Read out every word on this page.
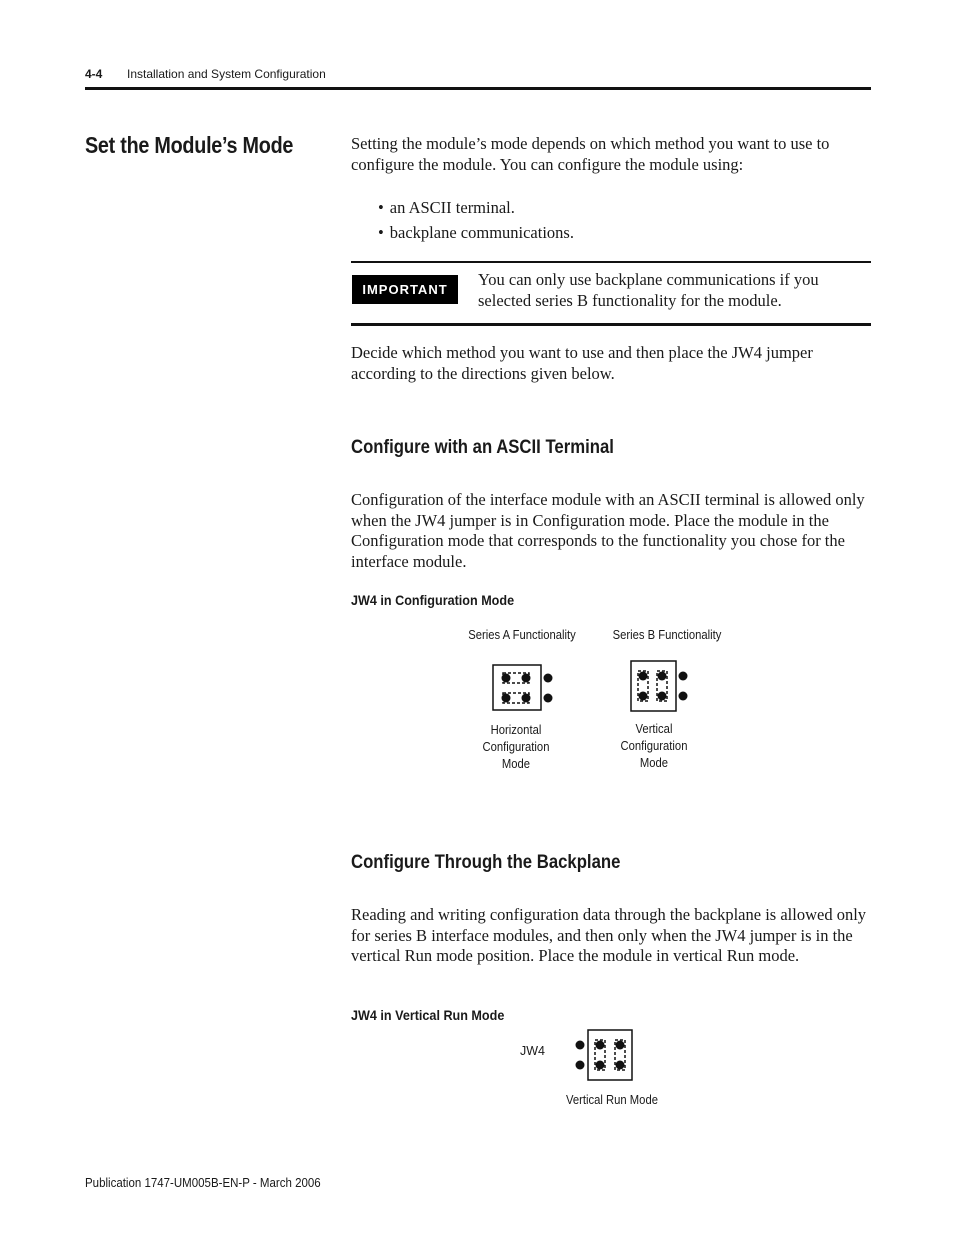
4-4 Installation and System Configuration
Set the Module’s Mode	Setting the module’s mode depends on which method you want to use to configure the module. You can configure the module using:
• an ASCII terminal.
• backplane communications.
IMPORTANT
You can only use backplane communications if you selected series B functionality for the module.
Decide which method you want to use and then place the JW4 jumper according to the directions given below.
Configure with an ASCII Terminal
Configuration of the interface module with an ASCII terminal is allowed only when the JW4 jumper is in Configuration mode. Place the module in the Configuration mode that corresponds to the functionality you chose for the interface module.
JW4 in Configuration Mode
Series A Functionality	Series B Functionality
Horizontal
Configuration
Mode
Vertical
Configuration
Mode
Configure Through the Backplane
Reading and writing configuration data through the backplane is allowed only for series B interface modules, and then only when the JW4 jumper is in the vertical Run mode position. Place the module in vertical Run mode.
JW4 in Vertical Run Mode
JW4
Vertical Run Mode
Publication 1747-UM005B-EN-P - March 2006
